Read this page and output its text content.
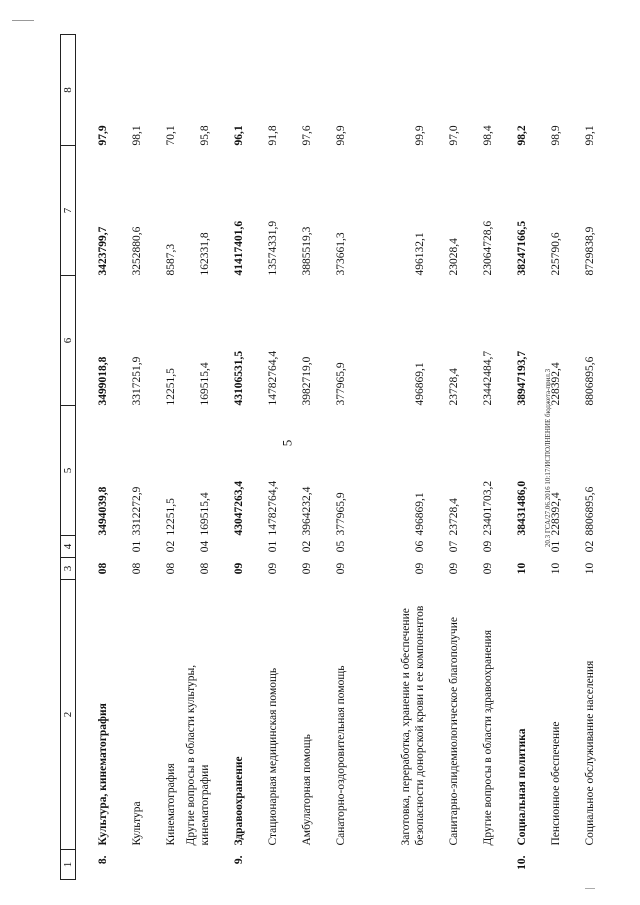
5	20.3 ГСА/27.06.2016 10:17/ИСПОЛНЕНИЕ бюджета-прил.3
1	2	3	4	5	6	7	8
8.	Культура, кинематография	08		3494039,8	3499018,8	3423799,7	97,9
	Культура	08	01	3312272,9	3317251,9	3252880,6	98,1
	Кинематография	08	02	12251,5	12251,5	8587,3	70,1
	Другие вопросы в области культуры, кинематографии	08	04	169515,4	169515,4	162331,8	95,8
9.	Здравоохранение	09		43047263,4	43106531,5	41417401,6	96,1
	Стационарная медицинская помощь	09	01	14782764,4	14782764,4	13574331,9	91,8
	Амбулаторная помощь	09	02	3964232,4	3982719,0	3885519,3	97,6
	Санаторно-оздоровительная помощь	09	05	377965,9	377965,9	373661,3	98,9
	Заготовка, переработка, хранение и обеспечение безопасности донорской крови и ее компонентов	09	06	496869,1	496869,1	496132,1	99,9
	Санитарно-эпидемиологическое благополучие	09	07	23728,4	23728,4	23028,4	97,0
	Другие вопросы в области здравоохранения	09	09	23401703,2	23442484,7	23064728,6	98,4
10.	Социальная политика	10		38431486,0	38947193,7	38247166,5	98,2
	Пенсионное обеспечение	10	01	228392,4	228392,4	225790,6	98,9
	Социальное обслуживание населения	10	02	8806895,6	8806895,6	8729838,9	99,1
